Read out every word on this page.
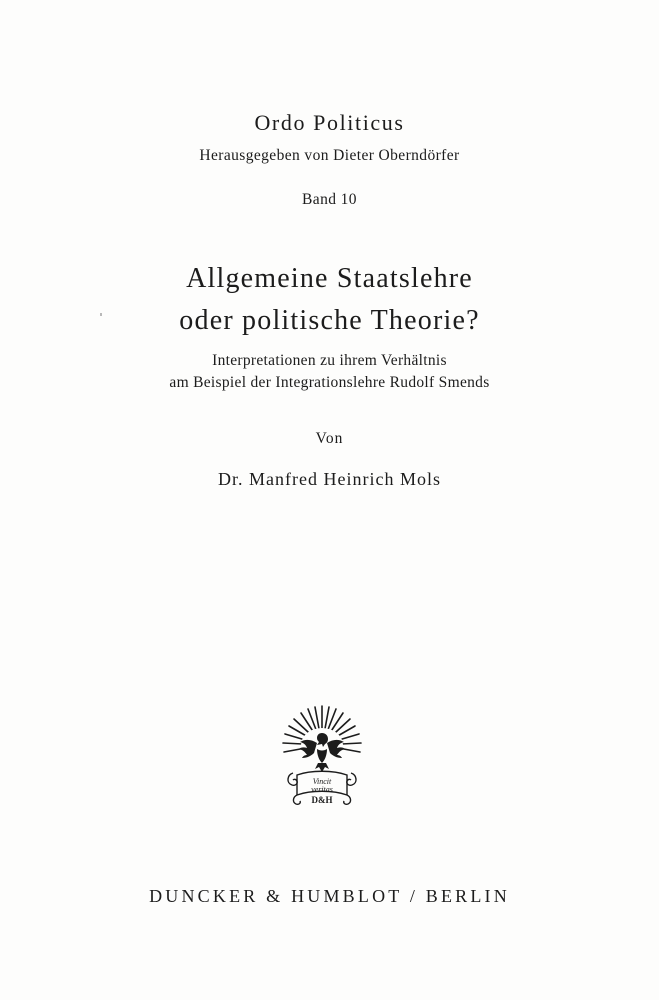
Ordo Politicus
Herausgegeben von Dieter Oberndörfer
Band 10
Allgemeine Staatslehre
oder politische Theorie?
Interpretationen zu ihrem Verhältnis
am Beispiel der Integrationslehre Rudolf Smends
Von
Dr. Manfred Heinrich Mols
Vincit
veritas
D&H
DUNCKER & HUMBLOT / BERLIN
